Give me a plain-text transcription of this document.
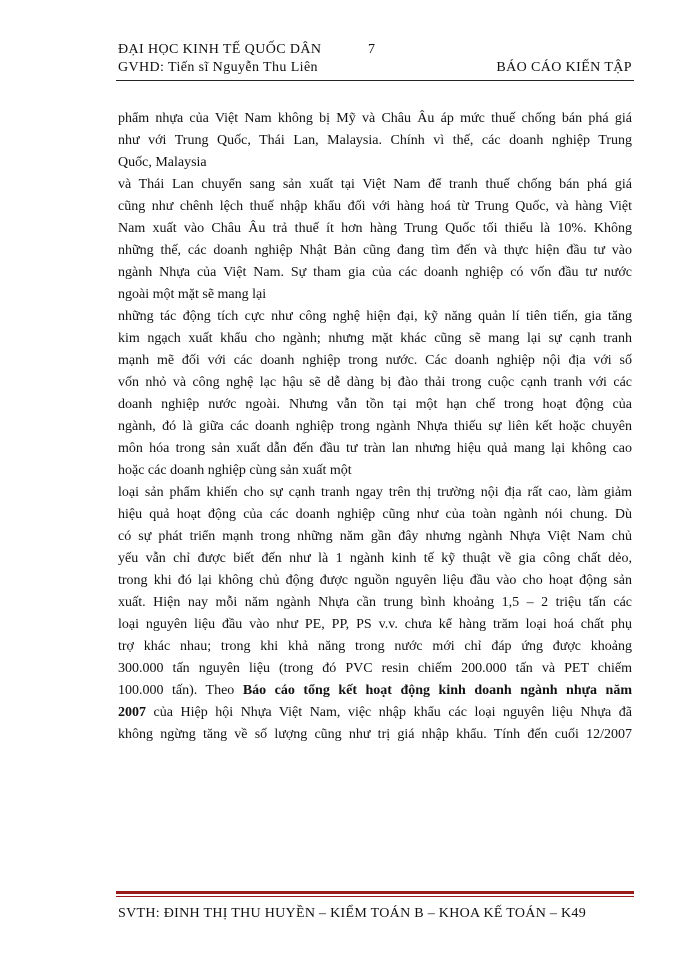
ĐẠI HỌC KINH TẾ QUỐC DÂN	7
GVHD: Tiến sĩ Nguyễn Thu Liên	BÁO CÁO KIẾN TẬP

phẩm nhựa của Việt Nam không bị Mỹ và Châu Âu áp mức thuế chống bán phá giá

như với Trung Quốc, Thái Lan, Malaysia. Chính vì thế, các doanh nghiệp Trung

Quốc, Malaysia

và Thái Lan chuyển sang sản xuất tại Việt Nam để tranh thuế chống bán phá giá

cũng như chênh lệch thuế nhập khẩu đối với hàng hoá từ Trung Quốc, và hàng Việt

Nam xuất vào Châu Âu trả thuế ít hơn hàng Trung Quốc tối thiểu là 10%. Không

những thế, các doanh nghiệp Nhật Bản cũng đang tìm đến và thực hiện đầu tư vào

ngành Nhựa của Việt Nam. Sự tham gia của các doanh nghiệp có vốn đầu tư nước

ngoài một mặt sẽ mang lại

những tác động tích cực như công nghệ hiện đại, kỹ năng quản lí tiên tiến, gia tăng

kim ngạch xuất khẩu cho ngành; nhưng mặt khác cũng sẽ mang lại sự cạnh tranh

mạnh mẽ đối với các doanh nghiệp trong nước. Các doanh nghiệp nội địa với số

vốn nhỏ và công nghệ lạc hậu sẽ dễ dàng bị đào thải trong cuộc cạnh tranh với các

doanh nghiệp nước ngoài. Nhưng vẫn tồn tại một hạn chế trong hoạt động của

ngành, đó là giữa các doanh nghiệp trong ngành Nhựa thiếu sự liên kết hoặc chuyên

môn hóa trong sản xuất dẫn đến đầu tư tràn lan nhưng hiệu quả mang lại không cao

hoặc các doanh nghiệp cùng sản xuất một

loại sản phẩm khiến cho sự cạnh tranh ngay trên thị trường nội địa rất cao, làm giảm

hiệu quả hoạt động của các doanh nghiệp cũng như của toàn ngành nói chung. Dù

có sự phát triển mạnh trong những năm gần đây nhưng ngành Nhựa Việt Nam chủ

yếu vẫn chỉ được biết đến như là 1 ngành kinh tế kỹ thuật về gia công chất dẻo,

trong khi đó lại không chủ động được nguồn nguyên liệu đầu vào cho hoạt động sản

xuất. Hiện nay mỗi năm ngành Nhựa cần trung bình khoảng 1,5 – 2 triệu tấn các

loại nguyên liệu đầu vào như PE, PP, PS v.v. chưa kể hàng trăm loại hoá chất phụ

trợ khác nhau; trong khi khả năng trong nước mới chỉ đáp ứng được khoảng

300.000 tấn nguyên liệu (trong đó PVC resin chiếm 200.000 tấn và PET chiếm

100.000 tấn). Theo Báo cáo tổng kết hoạt động kinh doanh ngành nhựa năm

2007 của Hiệp hội Nhựa Việt Nam, việc nhập khẩu các loại nguyên liệu Nhựa đã

không ngừng tăng về số lượng cũng như trị giá nhập khẩu. Tính đến cuối 12/2007

SVTH: ĐINH THỊ THU HUYỀN – KIỂM TOÁN B – KHOA KẾ TOÁN – K49
